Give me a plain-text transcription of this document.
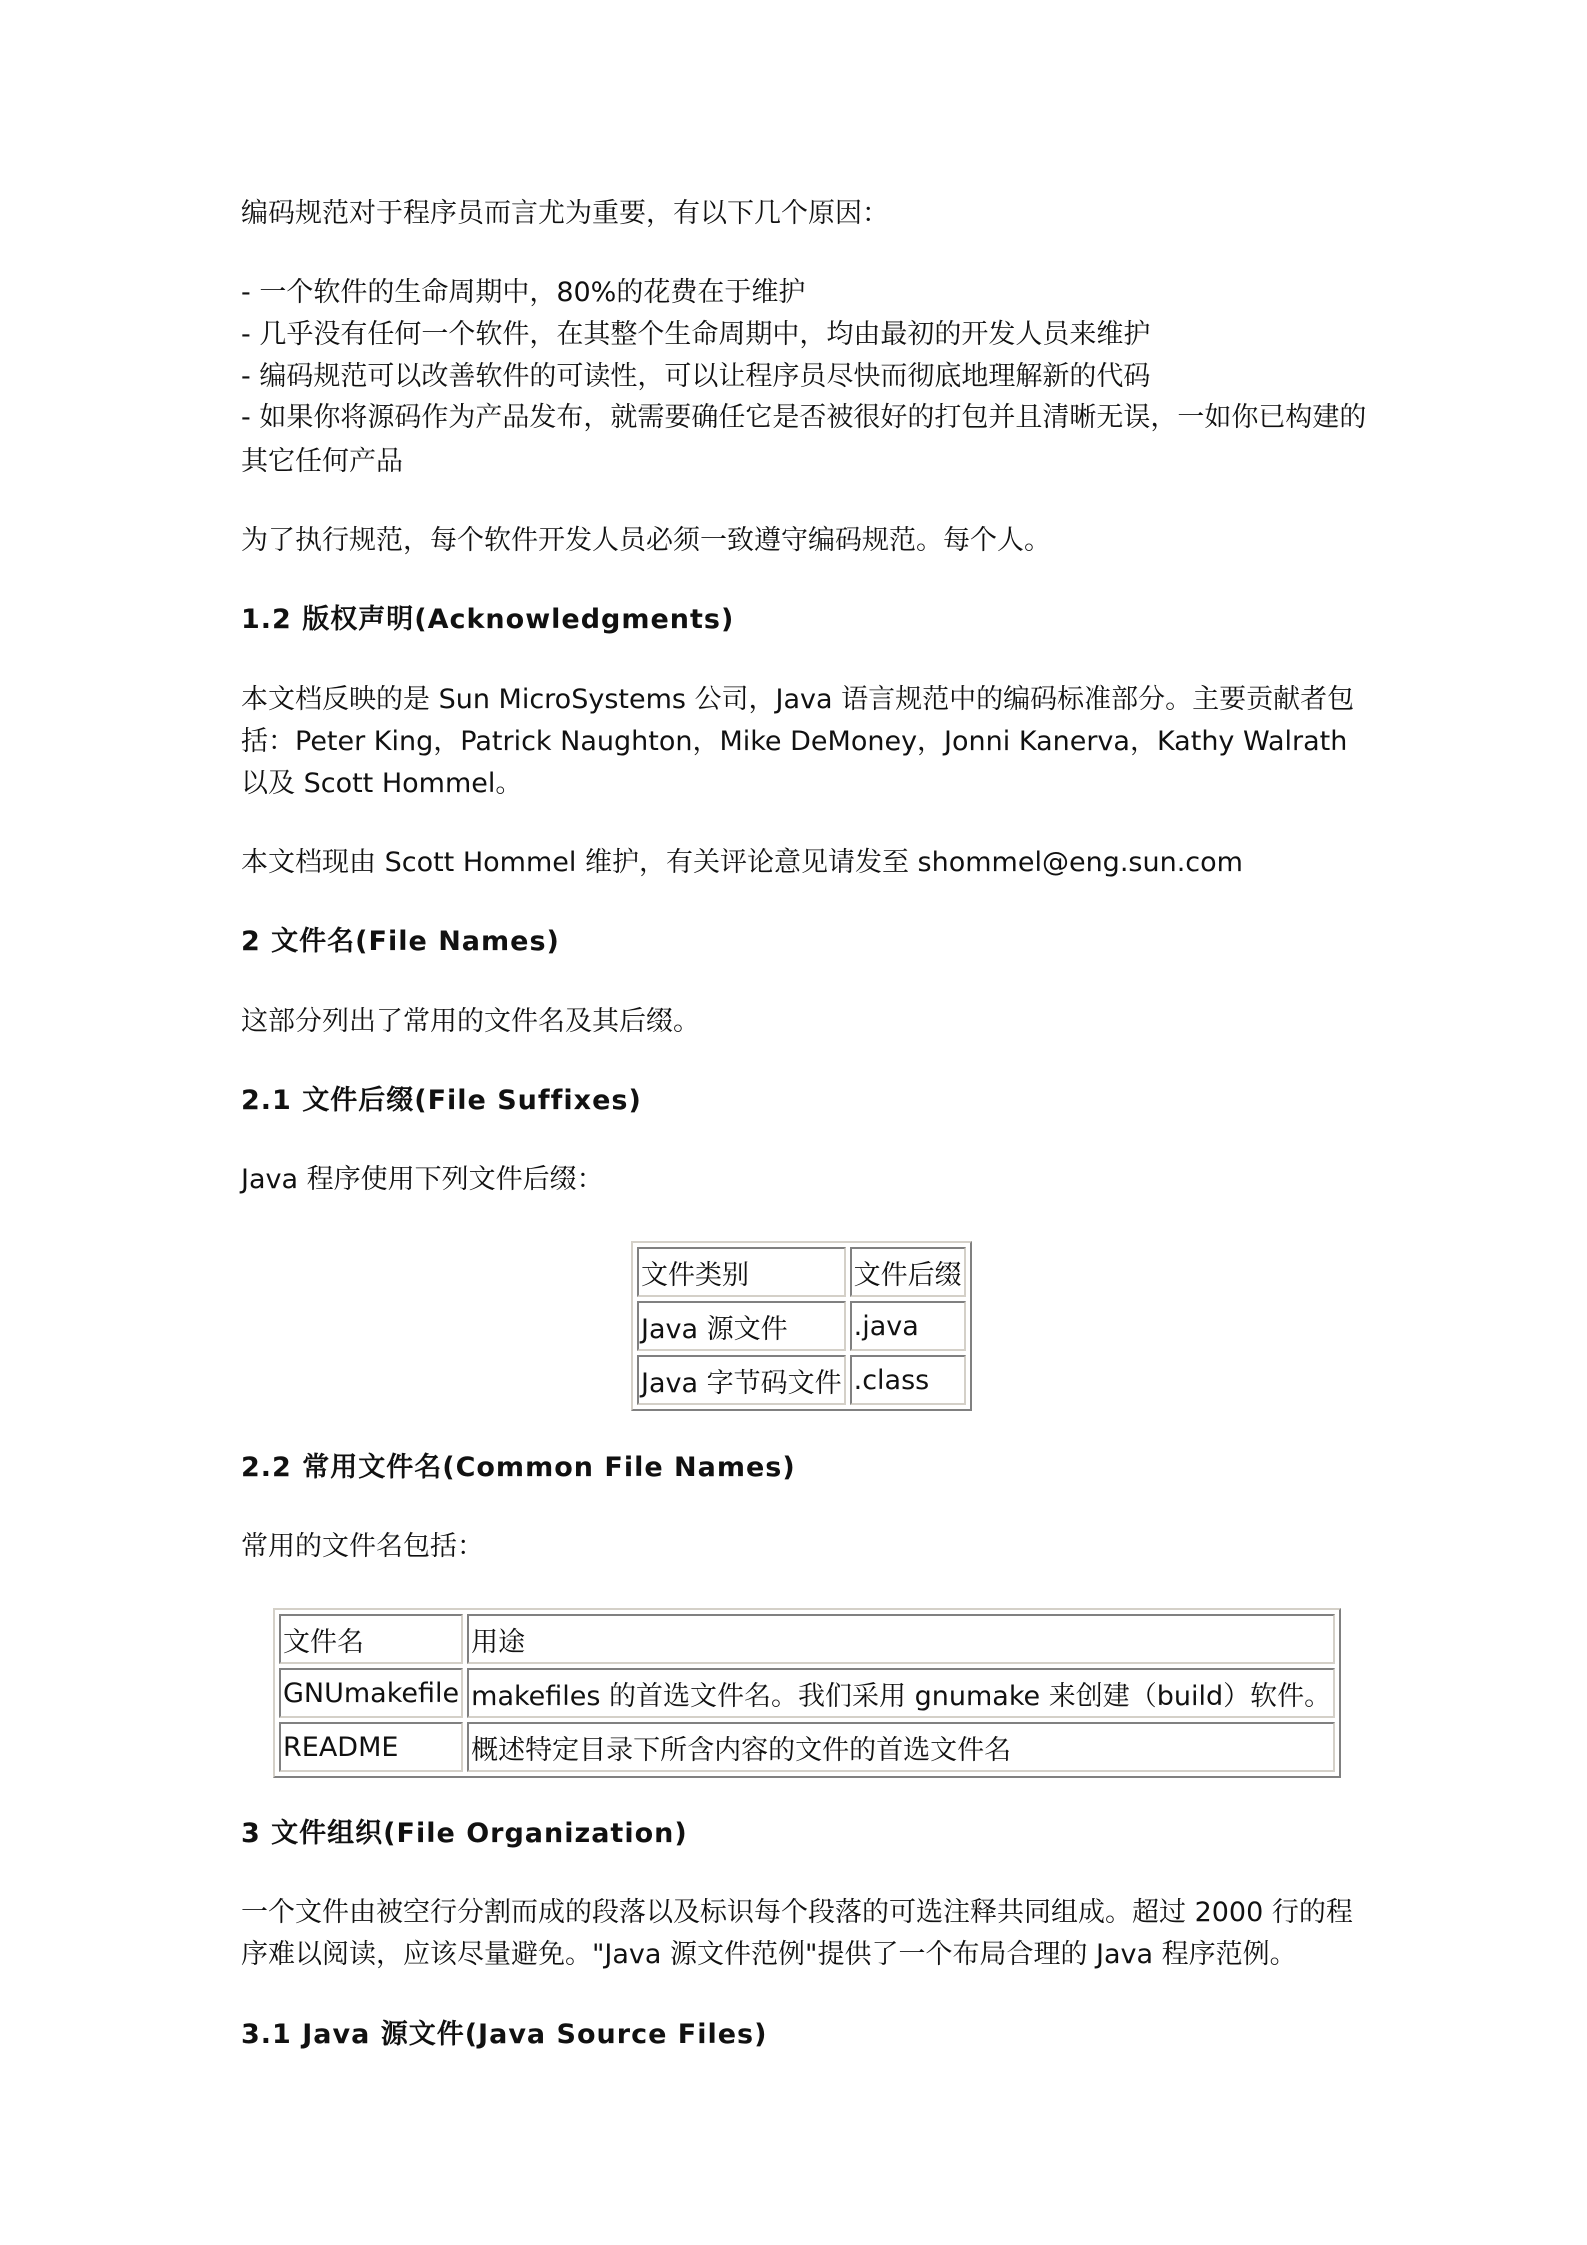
编码规范对于程序员而言尤为重要，有以下几个原因：
- 一个软件的生命周期中，80%的花费在于维护
- 几乎没有任何一个软件，在其整个生命周期中，均由最初的开发人员来维护
- 编码规范可以改善软件的可读性，可以让程序员尽快而彻底地理解新的代码
- 如果你将源码作为产品发布，就需要确任它是否被很好的打包并且清晰无误，一如你已构建的
其它任何产品
为了执行规范，每个软件开发人员必须一致遵守编码规范。每个人。
1.2 版权声明(Acknowledgments)
本文档反映的是 Sun MicroSystems 公司，Java 语言规范中的编码标准部分。主要贡献者包
括：Peter King，Patrick Naughton，Mike DeMoney，Jonni Kanerva，Kathy Walrath
以及 Scott Hommel。
本文档现由 Scott Hommel 维护，有关评论意见请发至 shommel@eng.sun.com
2 文件名(File Names)
这部分列出了常用的文件名及其后缀。
2.1 文件后缀(File Suffixes)
Java 程序使用下列文件后缀：
文件类别	文件后缀
Java 源文件	.java
Java 字节码文件	.class
2.2 常用文件名(Common File Names)
常用的文件名包括：
文件名	用途
GNUmakefile	makefiles 的首选文件名。我们采用 gnumake 来创建（build）软件。
README	概述特定目录下所含内容的文件的首选文件名
3 文件组织(File Organization)
一个文件由被空行分割而成的段落以及标识每个段落的可选注释共同组成。超过 2000 行的程
序难以阅读，应该尽量避免。"Java 源文件范例"提供了一个布局合理的 Java 程序范例。
3.1 Java 源文件(Java Source Files)
